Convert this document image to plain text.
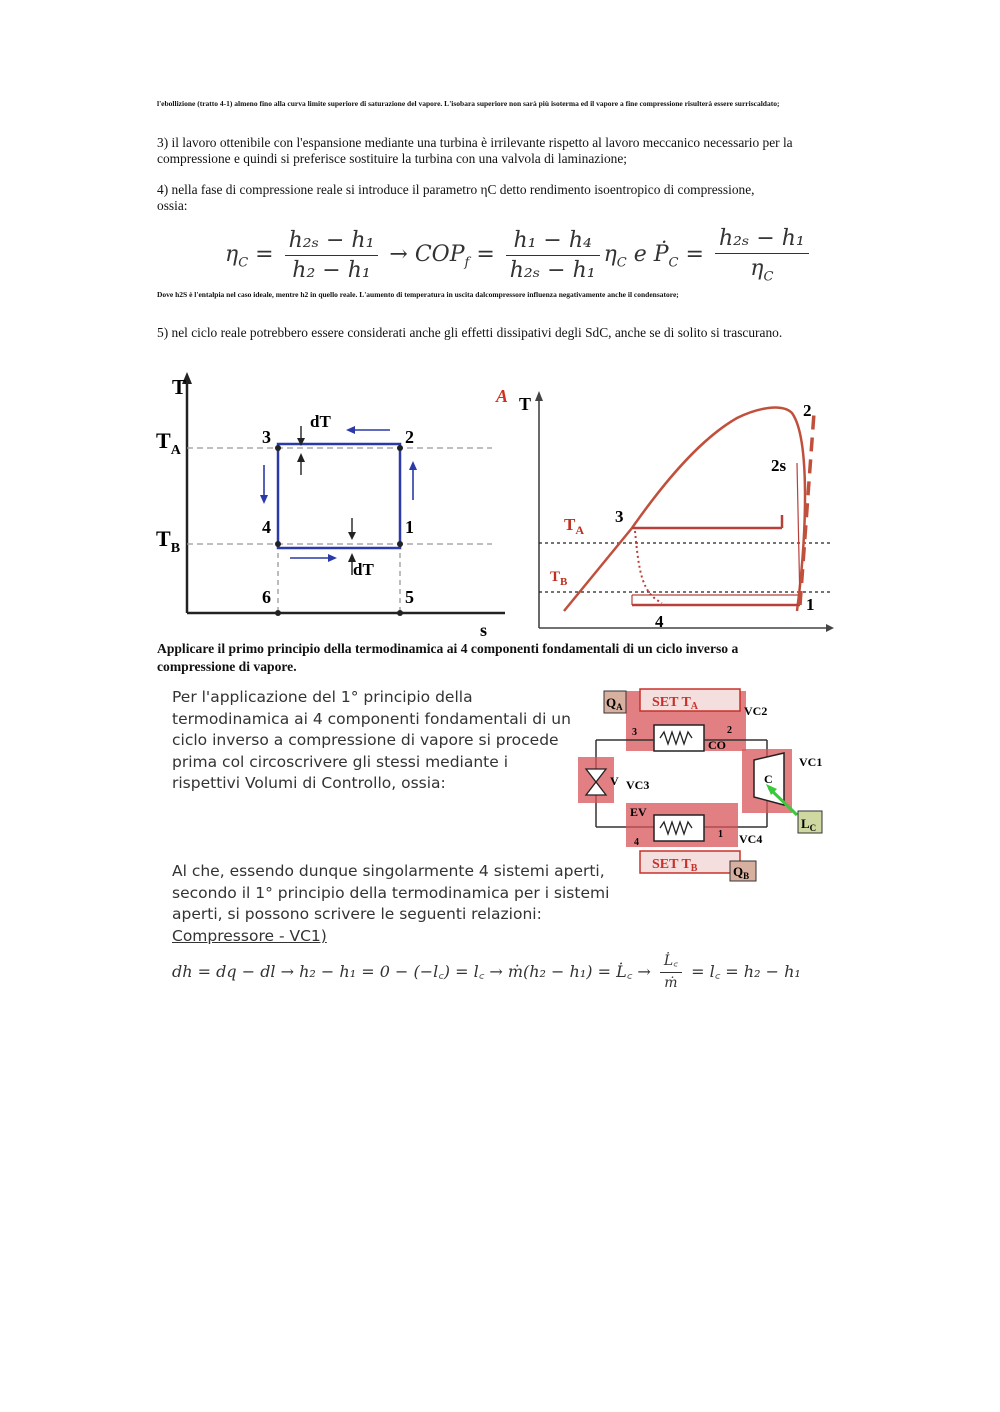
l'ebollizione (tratto 4-1) almeno fino alla curva limite superiore di saturazione del vapore. L'isobara superiore non sarà più isoterma ed il vapore a fine compressione risulterà essere surriscaldato;
3) il lavoro ottenibile con l'espansione mediante una turbina è irrilevante rispetto al lavoro meccanico necessario per la compressione e quindi si preferisce sostituire la turbina con una valvola di laminazione;
4) nella fase di compressione reale si introduce il parametro ηC detto rendimento isoentropico di compressione, ossia:
$\eta_C = \frac{\text{h₂ₛ − h₁}}{\text{h₂ − h₁}} \to COP_f = \frac{\text{h₁ − h₄}}{\text{h₂ₛ − h₁}} \eta_C$ e Ṗ$_C$ = $\frac{\text{h₂ₛ − h₁}}{\eta_C}$
Dove h2S è l'entalpia nel caso ideale, mentre h2 in quello reale. L'aumento di temperatura in uscita dalcompressore influenza negativamente anche il condensatore;
5) nel ciclo reale potrebbero essere considerati anche gli effetti dissipativi degli SdC, anche se di solito si trascurano.
T
s
$T_A$
$T_B$
dT
dT
3	2
4	1
6	5
A T
$T_A$
$T_B$
3
2
2s
1
4
Applicare il primo principio della termodinamica ai 4 componenti fondamentali di un ciclo inverso a compressione di vapore.
Per l'applicazione del 1° principio della termodinamica ai 4 componenti fondamentali di un ciclo inverso a compressione di vapore si procede prima col circoscrivere gli stessi mediante i rispettivi Volumi di Controllo, ossia:
SET $T_A$
$Q_A$
3	2
CO
VC2
V VC3	C
VC1
$L_C$
EV
4
1 VC4
SET $T_B$	$Q_B$
Al che, essendo dunque singolarmente 4 sistemi aperti, secondo il 1° principio della termodinamica per i sistemi aperti, si possono scrivere le seguenti relazioni:
Compressore - VC1)
dh = dq − dl → h₂ − h₁ = 0 − (−l꜀) = l꜀ → ṁ(h₂ − h₁) = L̇꜀ → $\frac{L̇꜀}{\text{ṁ}}$ = l꜀ = h₂ − h₁
